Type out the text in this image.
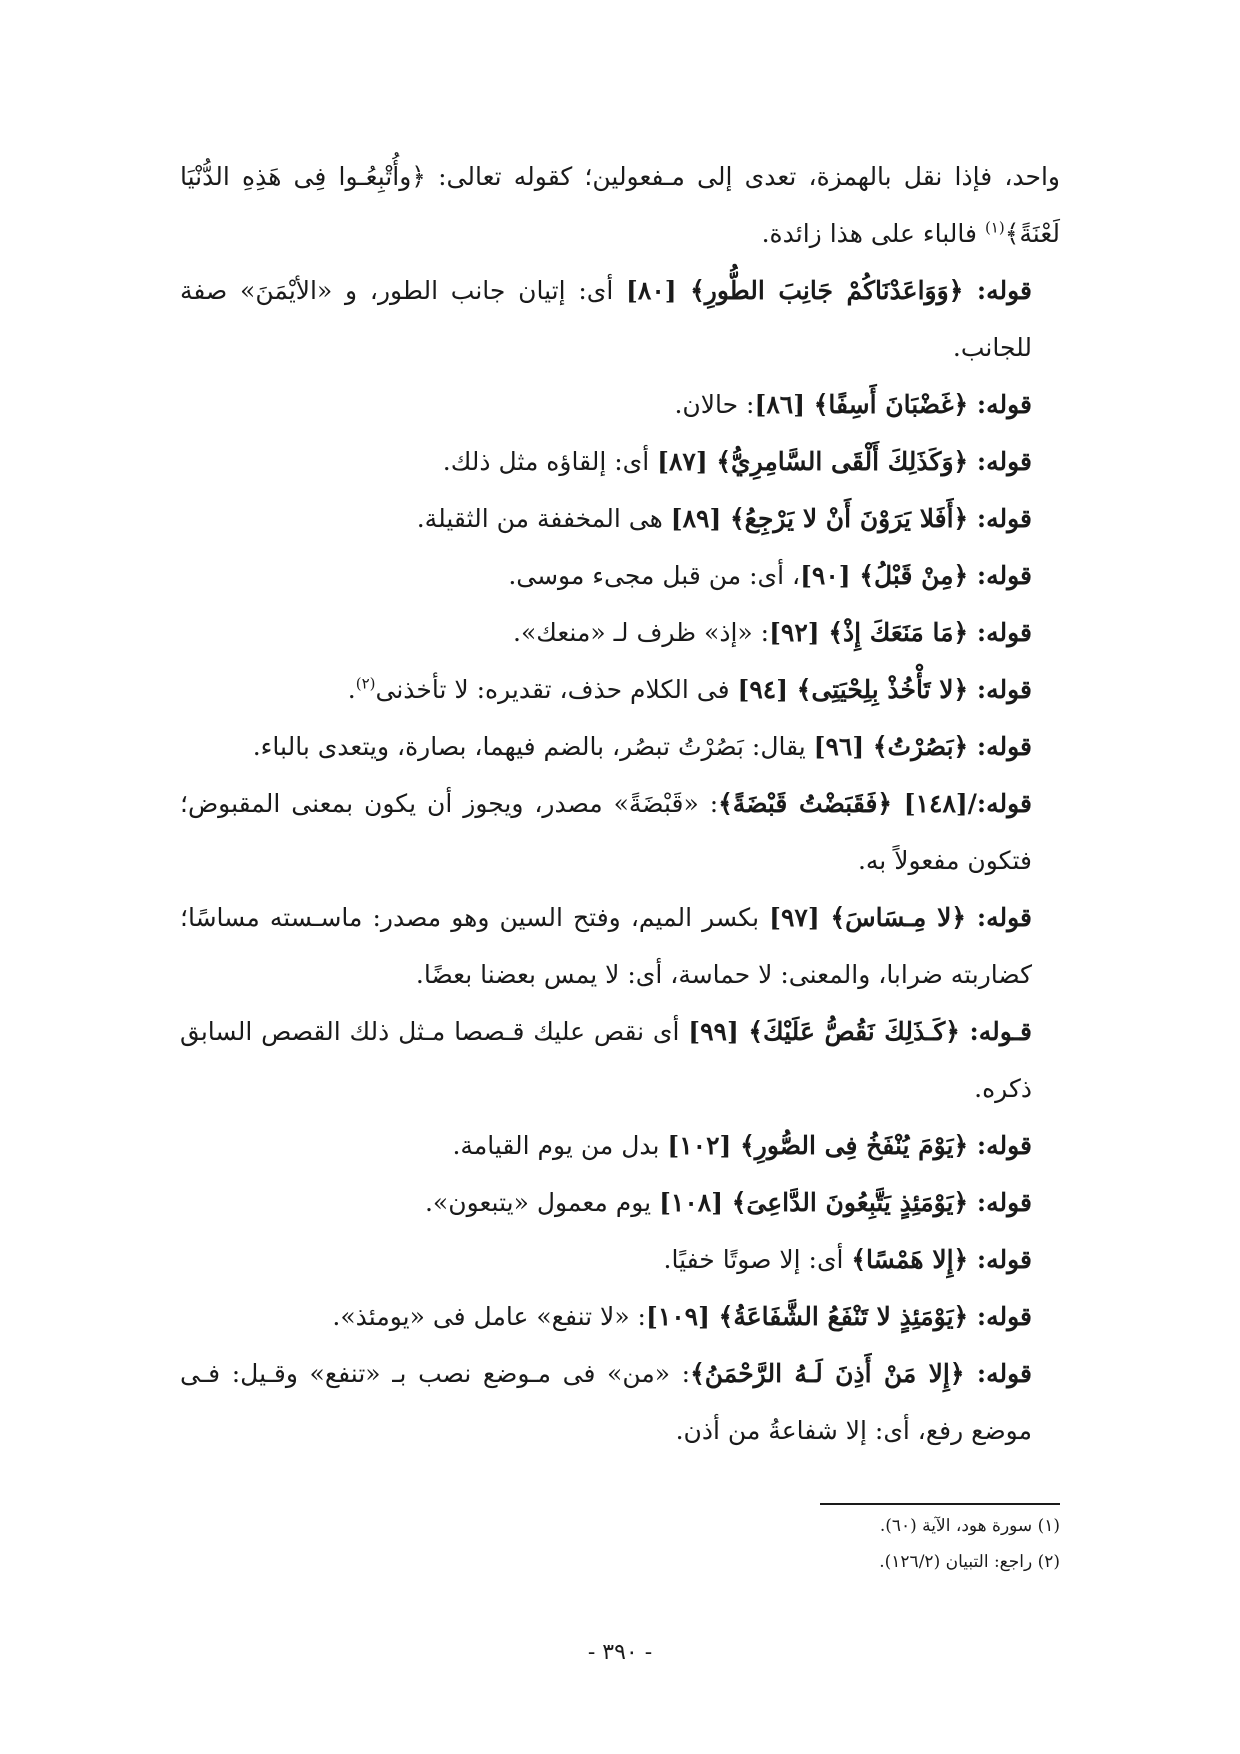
واحد، فإذا نقل بالهمزة، تعدى إلى مـفعولين؛ كقوله تعالى: ﴿وأُتْبِعُـوا فِى هَذِهِ الدُّنْيَا لَعْنَةً﴾$^{(١)}$ فالباء على هذا زائدة.

قوله: ﴿وَوَاعَدْنَاكُمْ جَانِبَ الطُّورِ﴾ [٨٠] أى: إتيان جانب الطور، و «الأيْمَنَ» صفة للجانب.

قوله: ﴿غَضْبَانَ أَسِفًا﴾ [٨٦]: حالان.

قوله: ﴿وَكَذَلِكَ أَلْقَى السَّامِرِيُّ﴾ [٨٧] أى: إلقاؤه مثل ذلك.

قوله: ﴿أَفَلا يَرَوْنَ أَنْ لا يَرْجِعُ﴾ [٨٩] هى المخففة من الثقيلة.

قوله: ﴿مِنْ قَبْلُ﴾ [٩٠]، أى: من قبل مجىء موسى.

قوله: ﴿مَا مَنَعَكَ إِذْ﴾ [٩٢]: «إذ» ظرف لـ «منعك».

قوله: ﴿لا تَأْخُذْ بِلِحْيَتِى﴾ [٩٤] فى الكلام حذف، تقديره: لا تأخذنى$^{(٢)}$.

قوله: ﴿بَصُرْتُ﴾ [٩٦] يقال: بَصُرْتُ تبصُر، بالضم فيهما، بصارة، ويتعدى بالباء.

قوله:/[١٤٨] ﴿فَقَبَضْتُ قَبْضَةً﴾: «قَبْضَةً» مصدر، ويجوز أن يكون بمعنى المقبوض؛ فتكون مفعولاً به.

قوله: ﴿لا مِـسَاسَ﴾ [٩٧] بكسر الميم، وفتح السين وهو مصدر: ماسـسته مساسًا؛ كضاربته ضرابا، والمعنى: لا حماسة، أى: لا يمس بعضنا بعضًا.

قـوله: ﴿كَـذَلِكَ نَقُصُّ عَلَيْكَ﴾ [٩٩] أى نقص عليك قـصصا مـثل ذلك القصص السابق ذكره.

قوله: ﴿يَوْمَ يُنْفَخُ فِى الصُّورِ﴾ [١٠٢] بدل من يوم القيامة.

قوله: ﴿يَوْمَئِذٍ يَتَّبِعُونَ الدَّاعِىَ﴾ [١٠٨] يوم معمول «يتبعون».

قوله: ﴿إِلا هَمْسًا﴾ أى: إلا صوتًا خفيًا.

قوله: ﴿يَوْمَئِذٍ لا تَنْفَعُ الشَّفَاعَةُ﴾ [١٠٩]: «لا تنفع» عامل فى «يومئذ».

قوله: ﴿إِلا مَنْ أَذِنَ لَـهُ الرَّحْمَنُ﴾: «من» فى مـوضع نصب بـ «تنفع» وقـيل: فـى موضع رفع، أى: إلا شفاعةُ من أذن.

(١) سورة هود، الآية (٦٠).

(٢) راجع: التبيان (١٢٦/٢).

- ٣٩٠ -
